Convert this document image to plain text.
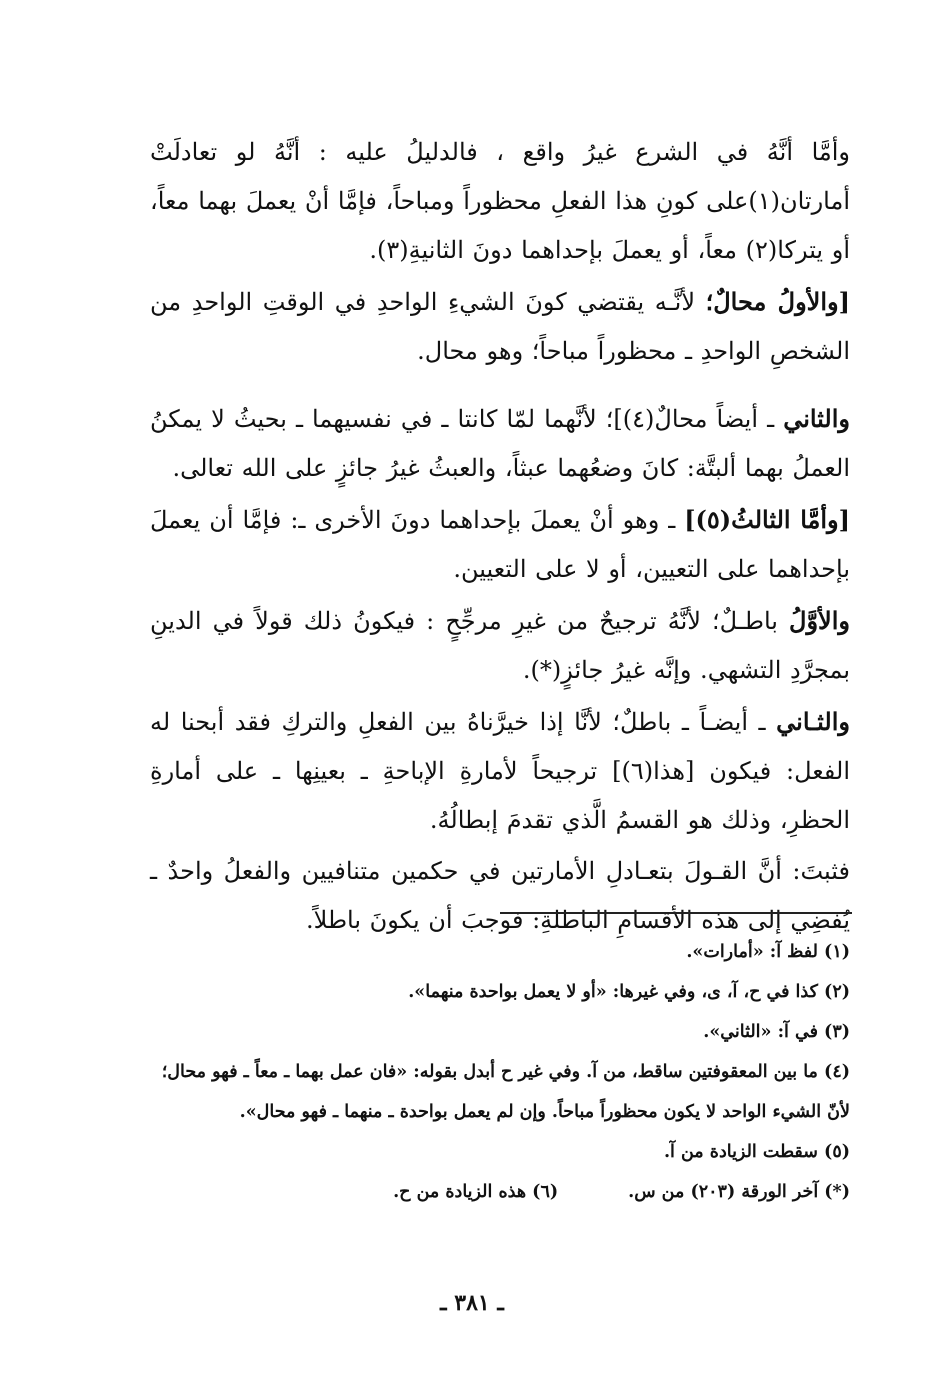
وأمَّا أنَّهُ في الشرع غيرُ واقع ، فالدليلُ عليه : أنَّهُ لو تعادلَتْ أمارتان(١)على كونِ هذا الفعلِ محظوراً ومباحاً، فإمَّا أنْ يعملَ بهما معاً، أو يتركا(٢) معاً، أو يعملَ بإحداهما دونَ الثانيةِ(٣).

[والأولُ محالٌ؛ لأنَّـه يقتضي كونَ الشيءِ الواحدِ في الوقتِ الواحدِ من الشخصِ الواحدِ ـ محظوراً مباحاً؛ وهو محال.

والثاني ـ أيضاً محالٌ(٤)]؛ لأنَّهما لمّا كانتا ـ في نفسيهما ـ بحيثُ لا يمكنُ العملُ بهما ألبتَّة: كانَ وضعُهما عبثاً، والعبثُ غيرُ جائزٍ على الله تعالى.

[وأمَّا الثالثُ(٥)] ـ وهو أنْ يعملَ بإحداهما دونَ الأخرى ـ: فإمَّا أن يعملَ بإحداهما على التعيين، أو لا على التعيين.

والأوَّلُ باطـلٌ؛ لأنَّهُ ترجيحٌ من غيرِ مرجِّحٍ : فيكونُ ذلك قولاً في الدينِ بمجرَّدِ التشهي. وإنَّه غيرُ جائزٍ(*).

والثـاني ـ أيضـاً ـ باطلٌ؛ لأنَّا إذا خيرَّناهُ بين الفعلِ والتركِ فقد أبحنا له الفعل: فيكون [هذا(٦)] ترجيحاً لأمارةِ الإباحةِ ـ بعينِها ـ على أمارةِ الحظرِ، وذلك هو القسمُ الَّذي تقدمَ إبطالُهُ.

فثبتَ: أنَّ القـولَ بتعـادلِ الأمارتين في حكمين متنافيين والفعلُ واحدٌ ـ يُفضِي إلى هذه الأقسامِ الباطلةِ: فوجبَ أن يكونَ باطلاً.

(١) لفظ آ: «أمارات».

(٢) كذا في ح، آ، ى، وفي غيرها: «أو لا يعمل بواحدة منهما».

(٣) في آ: «الثاني».

(٤) ما بين المعقوفتين ساقط، من آ. وفي غير ح أبدل بقوله: «فان عمل بهما ـ معاً ـ فهو محال؛ لأنّ الشيء الواحد لا يكون محظوراً مباحاً. وإن لم يعمل بواحدة ـ منهما ـ فهو محال».

(٥) سقطت الزيادة من آ.

(*) آخر الورقة (٢٠٣) من س.
(٦) هذه الزيادة من ح.
ـ ٣٨١ ـ
